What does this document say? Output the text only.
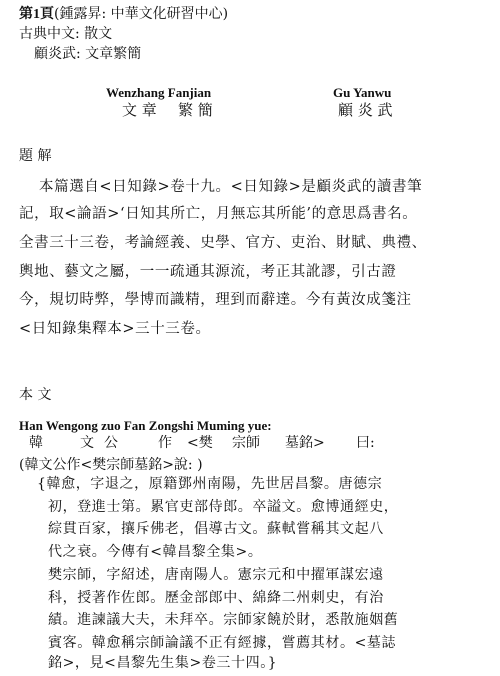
第1頁(鍾露昇: 中華文化研習中心)
古典中文: 散文
顧炎武: 文章繁簡
Wenzhang Fanjian
文 章 繁 簡
Gu Yanwu
顧 炎 武
題 解
本篇選自<日知錄>卷十九。<日知錄>是顧炎武的讀書筆
記，取<論語>‘日知其所亡，月無忘其所能’的意思爲書名。
全書三十三卷，考論經義、史學、官方、吏治、財賦、典禮、
輿地、藝文之屬，一一疏通其源流，考正其訛謬，引古證
今，規切時弊，學博而識精，理到而辭達。今有黃汝成箋注
<日知錄集釋本>三十三卷。
本 文
Han Wengong zuo Fan Zongshi Muming yue:
韓	文公 作 <樊 宗師 墓銘> 曰:
(韓文公作<樊宗師墓銘>說: )
{韓愈，字退之，原籍鄧州南陽，先世居昌黎。唐德宗
初，登進士第。累官吏部侍郎。卒謚文。愈博通經史，
綜貫百家，攘斥佛老，倡導古文。蘇軾嘗稱其文起八
代之衰。今傳有<韓昌黎全集>。
樊宗師，字紹述，唐南陽人。憲宗元和中擢軍謀宏遠
科，授著作佐郎。歷金部郎中、綿絳二州刺史，有治
績。進諫議大夫，未拜卒。宗師家饒於財，悉散施姻舊
賓客。韓愈稱宗師論議不正有經據，嘗薦其材。<墓誌
銘>，見<昌黎先生集>卷三十四。}
